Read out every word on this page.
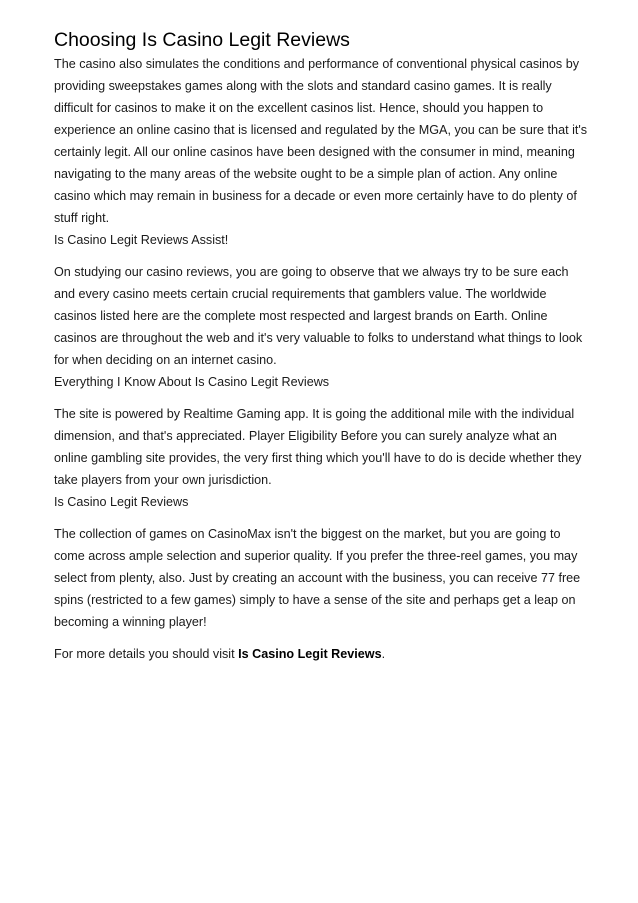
Choosing Is Casino Legit Reviews

The casino also simulates the conditions and performance of conventional physical casinos by providing sweepstakes games along with the slots and standard casino games. It is really difficult for casinos to make it on the excellent casinos list. Hence, should you happen to experience an online casino that is licensed and regulated by the MGA, you can be sure that it's certainly legit. All our online casinos have been designed with the consumer in mind, meaning navigating to the many areas of the website ought to be a simple plan of action. Any online casino which may remain in business for a decade or even more certainly have to do plenty of stuff right.

Is Casino Legit Reviews Assist!

On studying our casino reviews, you are going to observe that we always try to be sure each and every casino meets certain crucial requirements that gamblers value. The worldwide casinos listed here are the complete most respected and largest brands on Earth. Online casinos are throughout the web and it's very valuable to folks to understand what things to look for when deciding on an internet casino.

Everything I Know About Is Casino Legit Reviews

The site is powered by Realtime Gaming app. It is going the additional mile with the individual dimension, and that's appreciated. Player Eligibility Before you can surely analyze what an online gambling site provides, the very first thing which you'll have to do is decide whether they take players from your own jurisdiction.

Is Casino Legit Reviews

The collection of games on CasinoMax isn't the biggest on the market, but you are going to come across ample selection and superior quality. If you prefer the three-reel games, you may select from plenty, also. Just by creating an account with the business, you can receive 77 free spins (restricted to a few games) simply to have a sense of the site and perhaps get a leap on becoming a winning player!

For more details you should visit Is Casino Legit Reviews.
